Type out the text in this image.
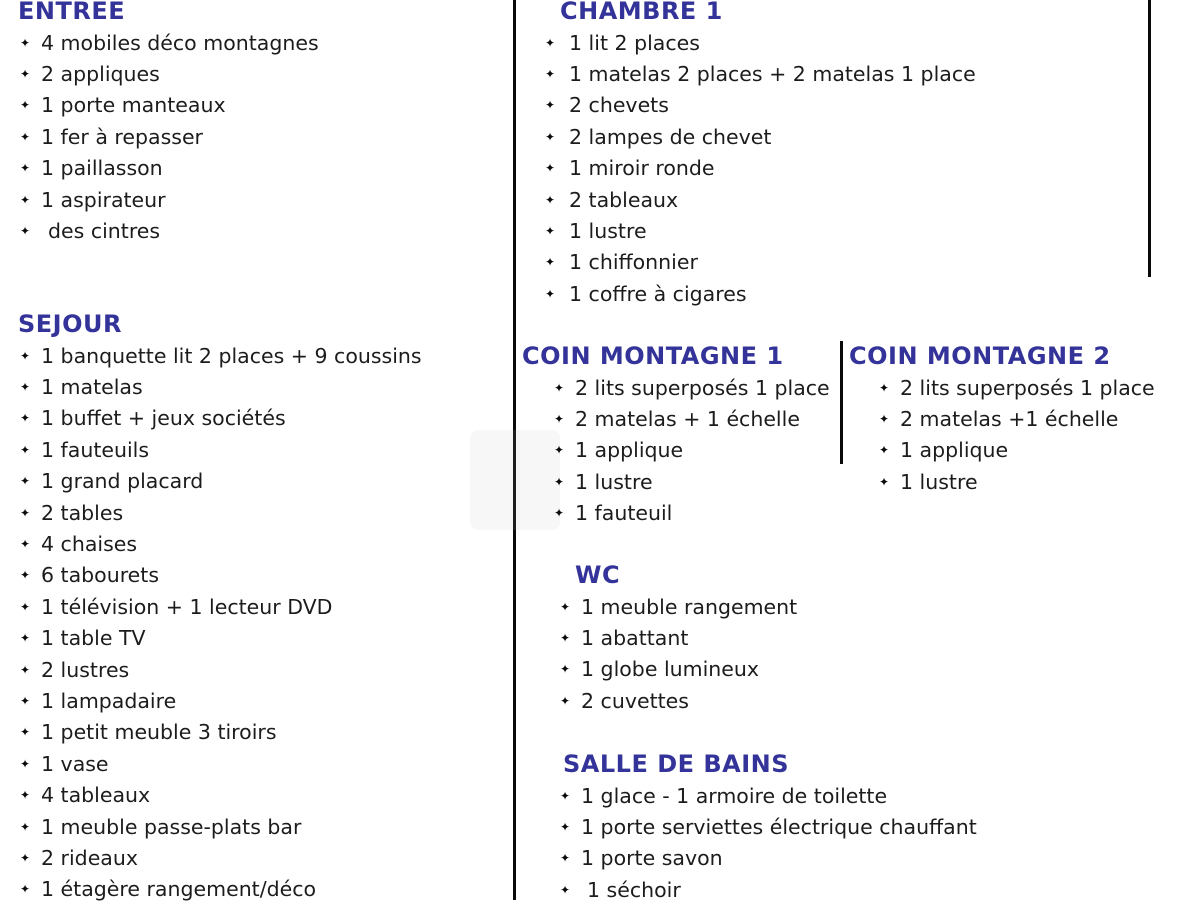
ENTREE
✦ 4 mobiles déco montagnes
✦ 2 appliques
✦ 1 porte manteaux
✦ 1 fer à repasser
✦ 1 paillasson
✦ 1 aspirateur
✦ des cintres
SEJOUR
✦ 1 banquette lit 2 places + 9 coussins
✦ 1 matelas
✦ 1 buffet + jeux sociétés
✦ 1 fauteuils
✦ 1 grand placard
✦ 2 tables
✦ 4 chaises
✦ 6 tabourets
✦ 1 télévision + 1 lecteur DVD
✦ 1 table TV
✦ 2 lustres
✦ 1 lampadaire
✦ 1 petit meuble 3 tiroirs
✦ 1 vase
✦ 4 tableaux
✦ 1 meuble passe-plats bar
✦ 2 rideaux
✦ 1 étagère rangement/déco
CHAMBRE 1
✦ 1 lit 2 places
✦ 1 matelas 2 places + 2 matelas 1 place
✦ 2 chevets
✦ 2 lampes de chevet
✦ 1 miroir ronde
✦ 2 tableaux
✦ 1 lustre
✦ 1 chiffonnier
✦ 1 coffre à cigares
COIN MONTAGNE 1
✦ 2 lits superposés 1 place
✦ 2 matelas + 1 échelle
✦ 1 applique
✦ 1 lustre
✦ 1 fauteuil
COIN MONTAGNE 2
✦ 2 lits superposés 1 place
✦ 2 matelas +1 échelle
✦ 1 applique
✦ 1 lustre
WC
✦ 1 meuble rangement
✦ 1 abattant
✦ 1 globe lumineux
✦ 2 cuvettes
SALLE DE BAINS
✦ 1 glace - 1 armoire de toilette
✦ 1 porte serviettes électrique chauffant
✦ 1 porte savon
✦ 1 séchoir
